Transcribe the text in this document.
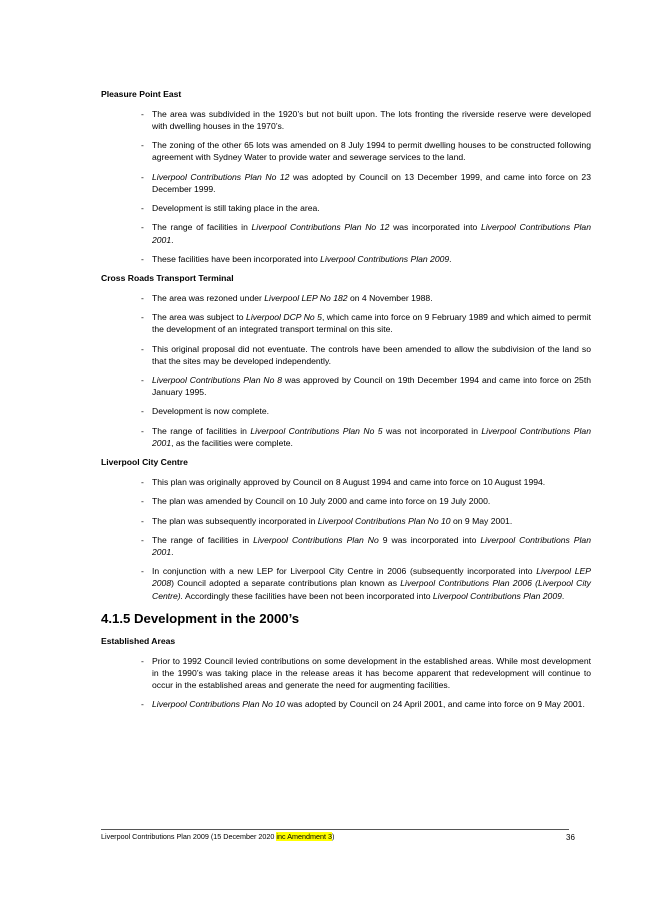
Pleasure Point East
- The area was subdivided in the 1920’s but not built upon. The lots fronting the riverside reserve were developed with dwelling houses in the 1970’s.
- The zoning of the other 65 lots was amended on 8 July 1994 to permit dwelling houses to be constructed following agreement with Sydney Water to provide water and sewerage services to the land.
- Liverpool Contributions Plan No 12 was adopted by Council on 13 December 1999, and came into force on 23 December 1999.
- Development is still taking place in the area.
- The range of facilities in Liverpool Contributions Plan No 12 was incorporated into Liverpool Contributions Plan 2001.
- These facilities have been incorporated into Liverpool Contributions Plan 2009.
Cross Roads Transport Terminal
- The area was rezoned under Liverpool LEP No 182 on 4 November 1988.
- The area was subject to Liverpool DCP No 5, which came into force on 9 February 1989 and which aimed to permit the development of an integrated transport terminal on this site.
- This original proposal did not eventuate. The controls have been amended to allow the subdivision of the land so that the sites may be developed independently.
- Liverpool Contributions Plan No 8 was approved by Council on 19th December 1994 and came into force on 25th January 1995.
- Development is now complete.
- The range of facilities in Liverpool Contributions Plan No 5 was not incorporated in Liverpool Contributions Plan 2001, as the facilities were complete.
Liverpool City Centre
- This plan was originally approved by Council on 8 August 1994 and came into force on 10 August 1994.
- The plan was amended by Council on 10 July 2000 and came into force on 19 July 2000.
- The plan was subsequently incorporated in Liverpool Contributions Plan No 10 on 9 May 2001.
- The range of facilities in Liverpool Contributions Plan No 9 was incorporated into Liverpool Contributions Plan 2001.
- In conjunction with a new LEP for Liverpool City Centre in 2006 (subsequently incorporated into Liverpool LEP 2008) Council adopted a separate contributions plan known as Liverpool Contributions Plan 2006 (Liverpool City Centre). Accordingly these facilities have been not been incorporated into Liverpool Contributions Plan 2009.
4.1.5 Development in the 2000’s
Established Areas
- Prior to 1992 Council levied contributions on some development in the established areas. While most development in the 1990’s was taking place in the release areas it has become apparent that redevelopment will continue to occur in the established areas and generate the need for augmenting facilities.
- Liverpool Contributions Plan No 10 was adopted by Council on 24 April 2001, and came into force on 9 May 2001.
Liverpool Contributions Plan 2009 (15 December 2020 inc Amendment 3)	36
